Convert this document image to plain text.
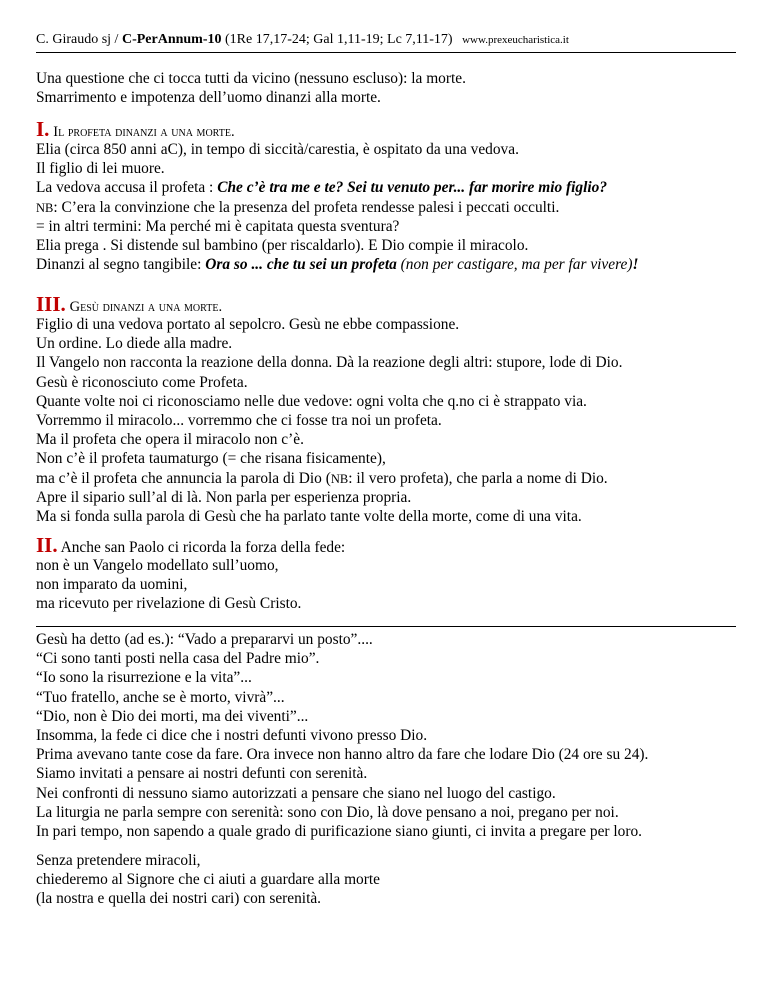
C. Giraudo sj / C-PerAnnum-10 (1Re 17,17-24; Gal 1,11-19; Lc 7,11-17) www.prexeucharistica.it
Una questione che ci tocca tutti da vicino (nessuno escluso): la morte.
Smarrimento e impotenza dell’uomo dinanzi alla morte.
I. Il profeta dinanzi a una morte.
Elia (circa 850 anni aC), in tempo di siccità/carestia, è ospitato da una vedova.
Il figlio di lei muore.
La vedova accusa il profeta : Che c’è tra me e te? Sei tu venuto per... far morire mio figlio?
NB: C’era la convinzione che la presenza del profeta rendesse palesi i peccati occulti.
= in altri termini: Ma perché mi è capitata questa sventura?
Elia prega . Si distende sul bambino (per riscaldarlo). E Dio compie il miracolo.
Dinanzi al segno tangibile: Ora so ... che tu sei un profeta (non per castigare, ma per far vivere)!
III. Gesù dinanzi a una morte.
Figlio di una vedova portato al sepolcro. Gesù ne ebbe compassione.
Un ordine. Lo diede alla madre.
Il Vangelo non racconta la reazione della donna. Dà la reazione degli altri: stupore, lode di Dio.
Gesù è riconosciuto come Profeta.
Quante volte noi ci riconosciamo nelle due vedove: ogni volta che q.no ci è strappato via.
Vorremmo il miracolo... vorremmo che ci fosse tra noi un profeta.
Ma il profeta che opera il miracolo non c’è.
Non c’è il profeta taumaturgo (= che risana fisicamente),
ma c’è il profeta che annuncia la parola di Dio (NB: il vero profeta), che parla a nome di Dio.
Apre il sipario sull’al di là. Non parla per esperienza propria.
Ma si fonda sulla parola di Gesù che ha parlato tante volte della morte, come di una vita.
II. Anche san Paolo ci ricorda la forza della fede:
non è un Vangelo modellato sull’uomo,
non imparato da uomini,
ma ricevuto per rivelazione di Gesù Cristo.
Gesù ha detto (ad es.): “Vado a prepararvi un posto”....
“Ci sono tanti posti nella casa del Padre mio”.
“Io sono la risurrezione e la vita”...
“Tuo fratello, anche se è morto, vivrà”...
“Dio, non è Dio dei morti, ma dei viventi”...
Insomma, la fede ci dice che i nostri defunti vivono presso Dio.
Prima avevano tante cose da fare. Ora invece non hanno altro da fare che lodare Dio (24 ore su 24).
Siamo invitati a pensare ai nostri defunti con serenità.
Nei confronti di nessuno siamo autorizzati a pensare che siano nel luogo del castigo.
La liturgia ne parla sempre con serenità: sono con Dio, là dove pensano a noi, pregano per noi.
In pari tempo, non sapendo a quale grado di purificazione siano giunti, ci invita a pregare per loro.
Senza pretendere miracoli,
chiederemo al Signore che ci aiuti a guardare alla morte
(la nostra e quella dei nostri cari) con serenità.
